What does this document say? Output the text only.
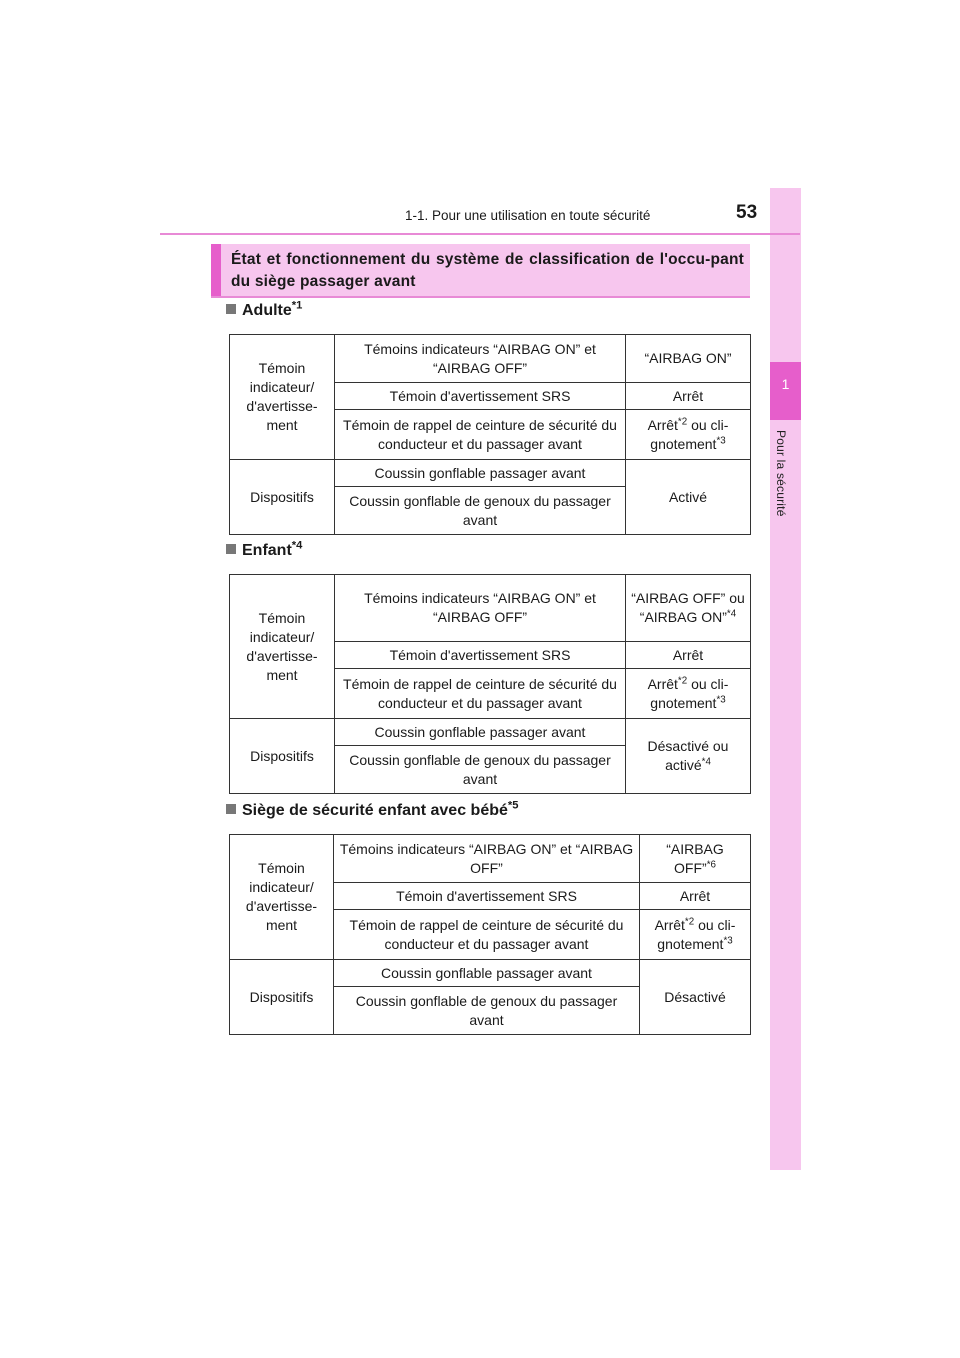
1
Pour la sécurité
1-1. Pour une utilisation en toute sécurité	53
État et fonctionnement du système de classification de l'occu-pant du siège passager avant
Adulte$^{*1}$
Témoin indicateur/ d'avertisse-ment	Témoins indicateurs “AIRBAG ON” et “AIRBAG OFF”	“AIRBAG ON”
	Témoin d'avertissement SRS	Arrêt
	Témoin de rappel de ceinture de sécurité du conducteur et du passager avant	Arrêt$^{*2}$ ou cli-gnotement$^{*3}$
Dispositifs	Coussin gonflable passager avant	Activé
	Coussin gonflable de genoux du passager avant	
Enfant$^{*4}$
Témoin indicateur/ d'avertisse-ment	Témoins indicateurs “AIRBAG ON” et “AIRBAG OFF”	“AIRBAG OFF” ou “AIRBAG ON”$^{*4}$
	Témoin d'avertissement SRS	Arrêt
	Témoin de rappel de ceinture de sécurité du conducteur et du passager avant	Arrêt$^{*2}$ ou cli-gnotement$^{*3}$
Dispositifs	Coussin gonflable passager avant	Désactivé ou activé$^{*4}$
	Coussin gonflable de genoux du passager avant	
Siège de sécurité enfant avec bébé$^{*5}$
Témoin indicateur/ d'avertisse-ment	Témoins indicateurs “AIRBAG ON” et “AIRBAG OFF”	“AIRBAG OFF”$^{*6}$
	Témoin d'avertissement SRS	Arrêt
	Témoin de rappel de ceinture de sécurité du conducteur et du passager avant	Arrêt$^{*2}$ ou cli-gnotement$^{*3}$
Dispositifs	Coussin gonflable passager avant	Désactivé
	Coussin gonflable de genoux du passager avant	
